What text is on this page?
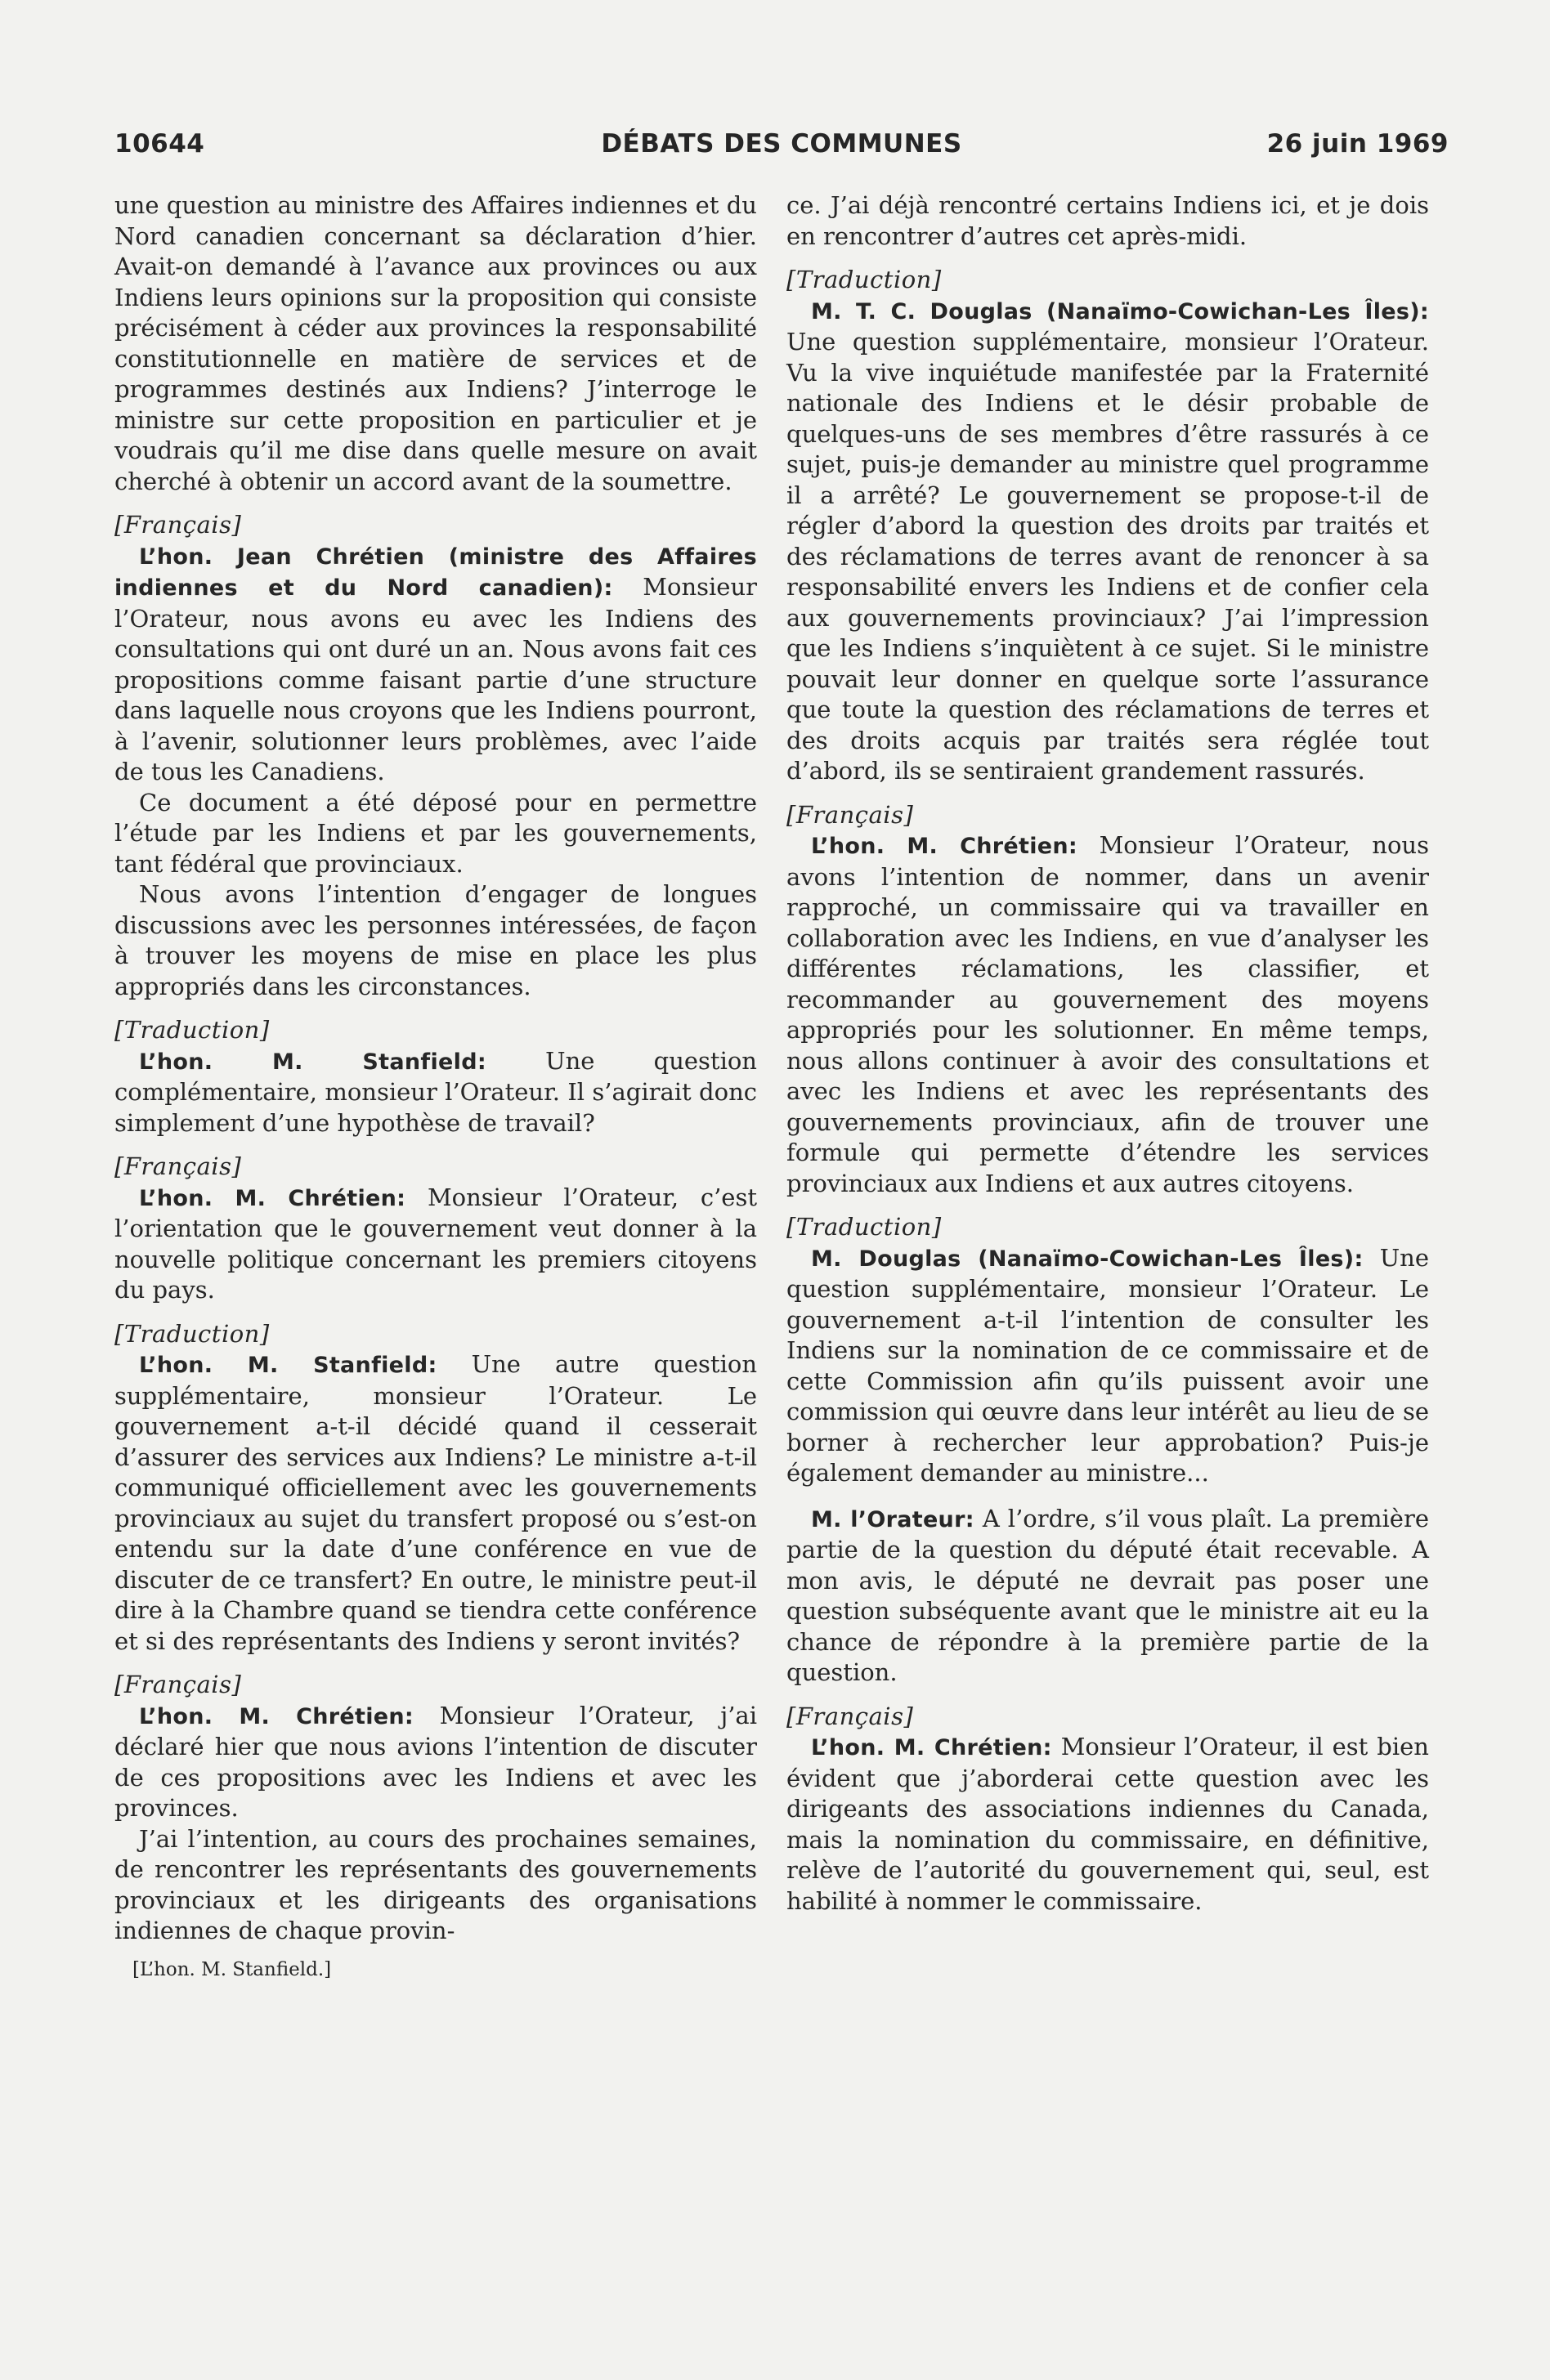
10644	DÉBATS DES COMMUNES	26 juin 1969

une question au ministre des Affaires indiennes et du Nord canadien concernant sa déclaration d’hier. Avait-on demandé à l’avance aux provinces ou aux Indiens leurs opinions sur la proposition qui consiste précisément à céder aux provinces la responsabilité constitutionnelle en matière de services et de programmes destinés aux Indiens? J’interroge le ministre sur cette proposition en particulier et je voudrais qu’il me dise dans quelle mesure on avait cherché à obtenir un accord avant de la soumettre.

[Français]

L’hon. Jean Chrétien (ministre des Affaires indiennes et du Nord canadien): Monsieur l’Orateur, nous avons eu avec les Indiens des consultations qui ont duré un an. Nous avons fait ces propositions comme faisant partie d’une structure dans laquelle nous croyons que les Indiens pourront, à l’avenir, solutionner leurs problèmes, avec l’aide de tous les Canadiens.

Ce document a été déposé pour en permettre l’étude par les Indiens et par les gouvernements, tant fédéral que provinciaux.

Nous avons l’intention d’engager de longues discussions avec les personnes intéressées, de façon à trouver les moyens de mise en place les plus appropriés dans les circonstances.

[Traduction]

L’hon. M. Stanfield: Une question complémentaire, monsieur l’Orateur. Il s’agirait donc simplement d’une hypothèse de travail?

[Français]

L’hon. M. Chrétien: Monsieur l’Orateur, c’est l’orientation que le gouvernement veut donner à la nouvelle politique concernant les premiers citoyens du pays.

[Traduction]

L’hon. M. Stanfield: Une autre question supplémentaire, monsieur l’Orateur. Le gouvernement a-t-il décidé quand il cesserait d’assurer des services aux Indiens? Le ministre a-t-il communiqué officiellement avec les gouvernements provinciaux au sujet du transfert proposé ou s’est-on entendu sur la date d’une conférence en vue de discuter de ce transfert? En outre, le ministre peut-il dire à la Chambre quand se tiendra cette conférence et si des représentants des Indiens y seront invités?

[Français]

L’hon. M. Chrétien: Monsieur l’Orateur, j’ai déclaré hier que nous avions l’intention de discuter de ces propositions avec les Indiens et avec les provinces.

J’ai l’intention, au cours des prochaines semaines, de rencontrer les représentants des gouvernements provinciaux et les dirigeants des organisations indiennes de chaque provin-

[L’hon. M. Stanfield.]

ce. J’ai déjà rencontré certains Indiens ici, et je dois en rencontrer d’autres cet après-midi.

[Traduction]

M. T. C. Douglas (Nanaïmo-Cowichan-Les Îles): Une question supplémentaire, monsieur l’Orateur. Vu la vive inquiétude manifestée par la Fraternité nationale des Indiens et le désir probable de quelques-uns de ses membres d’être rassurés à ce sujet, puis-je demander au ministre quel programme il a arrêté? Le gouvernement se propose-t-il de régler d’abord la question des droits par traités et des réclamations de terres avant de renoncer à sa responsabilité envers les Indiens et de confier cela aux gouvernements provinciaux? J’ai l’impression que les Indiens s’inquiètent à ce sujet. Si le ministre pouvait leur donner en quelque sorte l’assurance que toute la question des réclamations de terres et des droits acquis par traités sera réglée tout d’abord, ils se sentiraient grandement rassurés.

[Français]

L’hon. M. Chrétien: Monsieur l’Orateur, nous avons l’intention de nommer, dans un avenir rapproché, un commissaire qui va travailler en collaboration avec les Indiens, en vue d’analyser les différentes réclamations, les classifier, et recommander au gouvernement des moyens appropriés pour les solutionner. En même temps, nous allons continuer à avoir des consultations et avec les Indiens et avec les représentants des gouvernements provinciaux, afin de trouver une formule qui permette d’étendre les services provinciaux aux Indiens et aux autres citoyens.

[Traduction]

M. Douglas (Nanaïmo-Cowichan-Les Îles): Une question supplémentaire, monsieur l’Orateur. Le gouvernement a-t-il l’intention de consulter les Indiens sur la nomination de ce commissaire et de cette Commission afin qu’ils puissent avoir une commission qui œuvre dans leur intérêt au lieu de se borner à rechercher leur approbation? Puis-je également demander au ministre...

M. l’Orateur: A l’ordre, s’il vous plaît. La première partie de la question du député était recevable. A mon avis, le député ne devrait pas poser une question subséquente avant que le ministre ait eu la chance de répondre à la première partie de la question.

[Français]

L’hon. M. Chrétien: Monsieur l’Orateur, il est bien évident que j’aborderai cette question avec les dirigeants des associations indiennes du Canada, mais la nomination du commissaire, en définitive, relève de l’autorité du gouvernement qui, seul, est habilité à nommer le commissaire.
